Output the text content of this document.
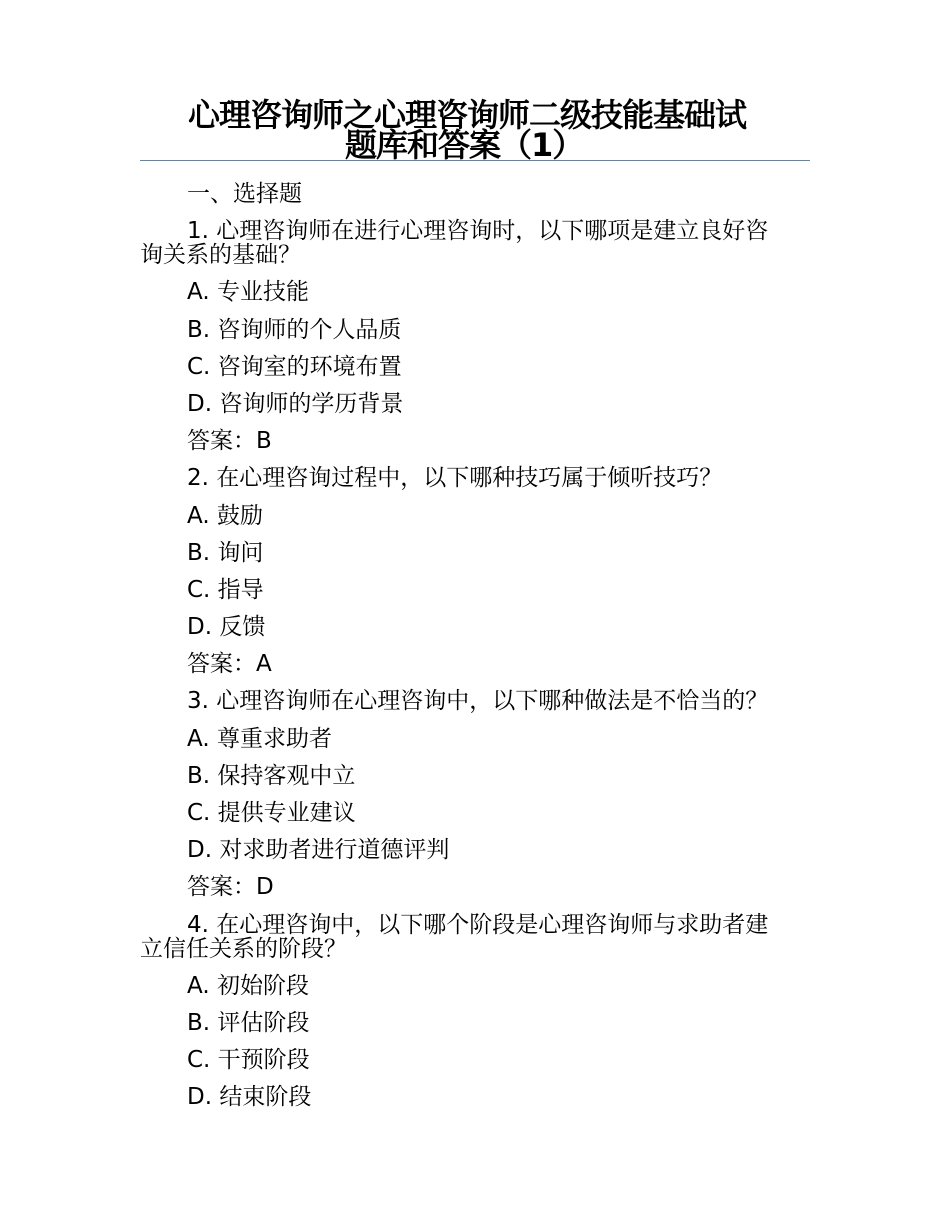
心理咨询师之心理咨询师二级技能基础试
题库和答案（1）
一、选择题
1. 心理咨询师在进行心理咨询时，以下哪项是建立良好咨
询关系的基础？
A. 专业技能
B. 咨询师的个人品质
C. 咨询室的环境布置
D. 咨询师的学历背景
答案：B
2. 在心理咨询过程中，以下哪种技巧属于倾听技巧？
A. 鼓励
B. 询问
C. 指导
D. 反馈
答案：A
3. 心理咨询师在心理咨询中，以下哪种做法是不恰当的？
A. 尊重求助者
B. 保持客观中立
C. 提供专业建议
D. 对求助者进行道德评判
答案：D
4. 在心理咨询中，以下哪个阶段是心理咨询师与求助者建
立信任关系的阶段？
A. 初始阶段
B. 评估阶段
C. 干预阶段
D. 结束阶段
